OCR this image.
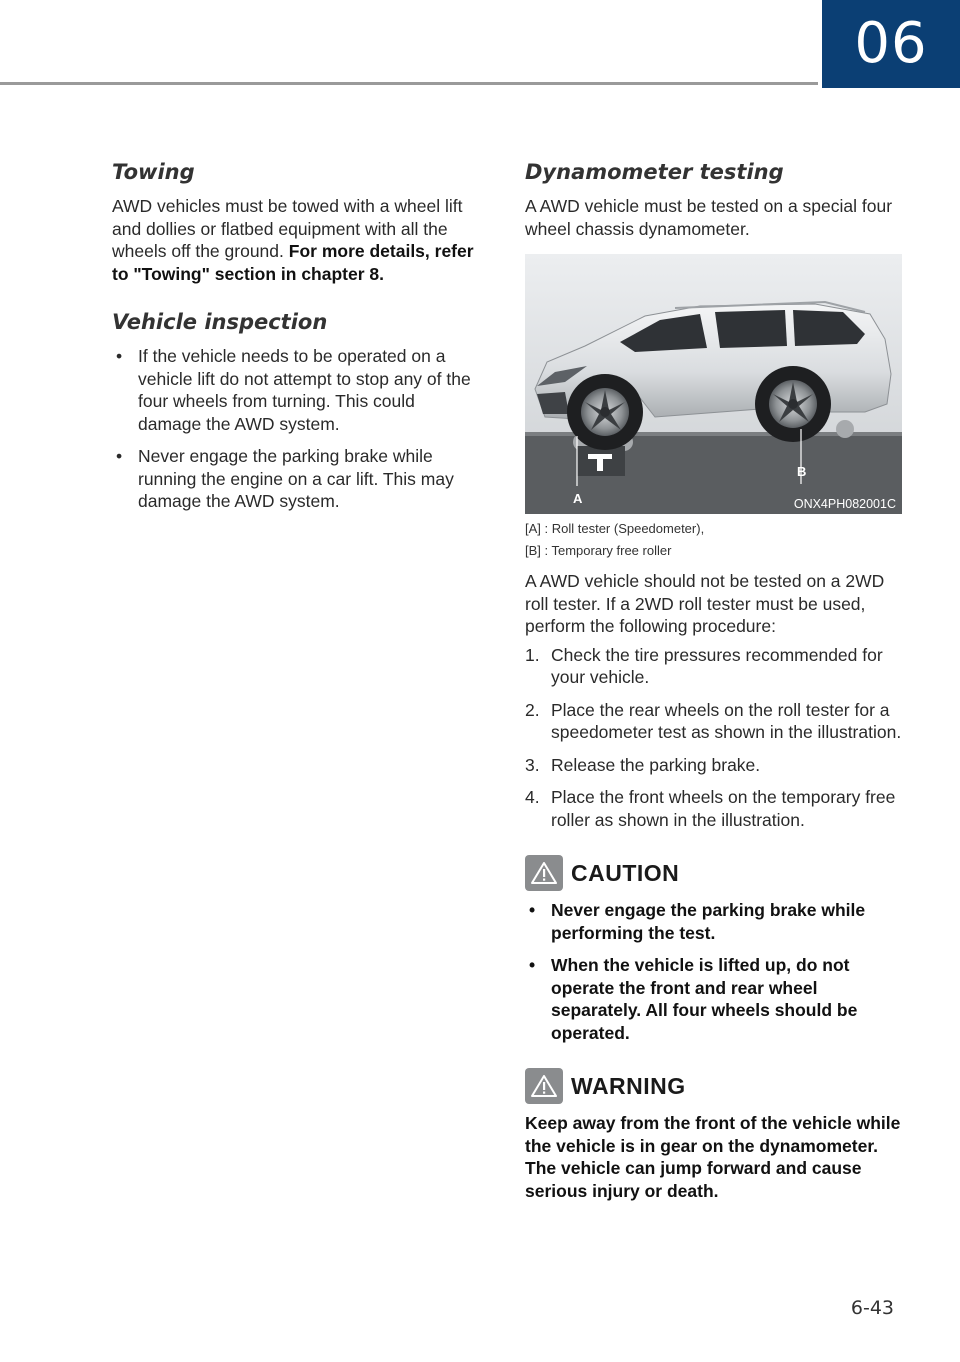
06
Towing

AWD vehicles must be towed with a wheel lift and dollies or flatbed equipment with all the wheels off the ground. For more details, refer to "Towing" section in chapter 8.

Vehicle inspection
• If the vehicle needs to be operated on a vehicle lift do not attempt to stop any of the four wheels from turning. This could damage the AWD system.
• Never engage the parking brake while running the engine on a car lift. This may damage the AWD system.
Dynamometer testing

A AWD vehicle must be tested on a special four wheel chassis dynamometer.

A
B
ONX4PH082001C
[A] : Roll tester (Speedometer),
[B] : Temporary free roller

A AWD vehicle should not be tested on a 2WD roll tester. If a 2WD roll tester must be used, perform the following procedure:

1. Check the tire pressures recommended for your vehicle.
2. Place the rear wheels on the roll tester for a speedometer test as shown in the illustration.
3. Release the parking brake.
4. Place the front wheels on the temporary free roller as shown in the illustration.
CAUTION
• Never engage the parking brake while performing the test.
• When the vehicle is lifted up, do not operate the front and rear wheel separately. All four wheels should be operated.
WARNING

Keep away from the front of the vehicle while the vehicle is in gear on the dynamometer. The vehicle can jump forward and cause serious injury or death.

6-43
